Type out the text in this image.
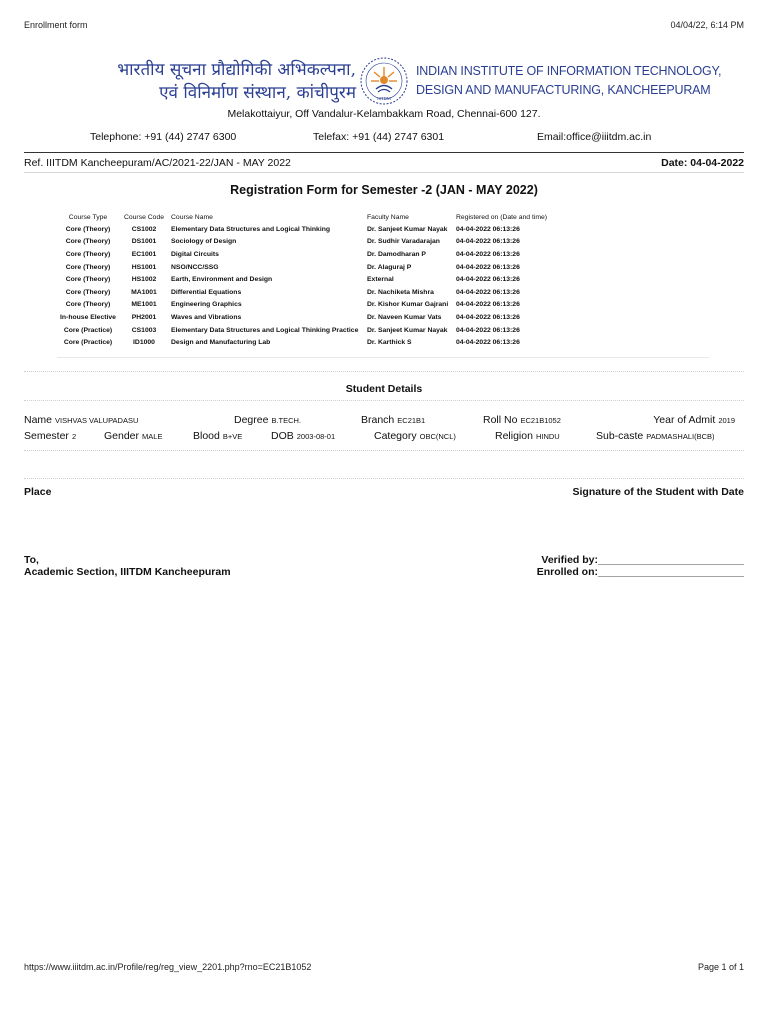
Enrollment form	04/04/22, 6:14 PM
भारतीय सूचना प्रौद्योगिकी अभिकल्पना,
एवं विनिर्माण संस्थान, कांचीपुरम	IIITDM
INDIAN INSTITUTE OF INFORMATION TECHNOLOGY,
DESIGN AND MANUFACTURING, KANCHEEPURAM
Melakottaiyur, Off Vandalur-Kelambakkam Road, Chennai-600 127.
Telephone: +91 (44) 2747 6300	Telefax: +91 (44) 2747 6301	Email:office@iiitdm.ac.in
Ref. IIITDM Kancheepuram/AC/2021-22/JAN - MAY 2022	Date: 04-04-2022
Registration Form for Semester -2 (JAN - MAY 2022)
Course Type	Course Code	Course Name	Faculty Name	Registered on (Date and time)
Core (Theory)	CS1002	Elementary Data Structures and Logical Thinking	Dr. Sanjeet Kumar Nayak	04-04-2022 06:13:26
Core (Theory)	DS1001	Sociology of Design	Dr. Sudhir Varadarajan	04-04-2022 06:13:26
Core (Theory)	EC1001	Digital Circuits	Dr. Damodharan P	04-04-2022 06:13:26
Core (Theory)	HS1001	NSO/NCC/SSG	Dr. Alaguraj P	04-04-2022 06:13:26
Core (Theory)	HS1002	Earth, Environment and Design	External	04-04-2022 06:13:26
Core (Theory)	MA1001	Differential Equations	Dr. Nachiketa Mishra	04-04-2022 06:13:26
Core (Theory)	ME1001	Engineering Graphics	Dr. Kishor Kumar Gajrani	04-04-2022 06:13:26
In-house Elective	PH2001	Waves and Vibrations	Dr. Naveen Kumar Vats	04-04-2022 06:13:26
Core (Practice)	CS1003	Elementary Data Structures and Logical Thinking Practice	Dr. Sanjeet Kumar Nayak	04-04-2022 06:13:26
Core (Practice)	ID1000	Design and Manufacturing Lab	Dr. Karthick S	04-04-2022 06:13:26
Student Details
Name VISHVAS VALUPADASU	Degree B.TECH.	Branch EC21B1	Roll No EC21B1052	Year of Admit 2019
Semester 2	Gender MALE	Blood B+VE	DOB 2003-08-01	Category OBC(NCL)	Religion HINDU	Sub-caste PADMASHALI(BCB)
Place	Signature of the Student with Date
To,
Academic Section, IIITDM Kancheepuram
Verified by:_________________________
Enrolled on:_________________________
https://www.iiitdm.ac.in/Profile/reg/reg_view_2201.php?rno=EC21B1052	Page 1 of 1
